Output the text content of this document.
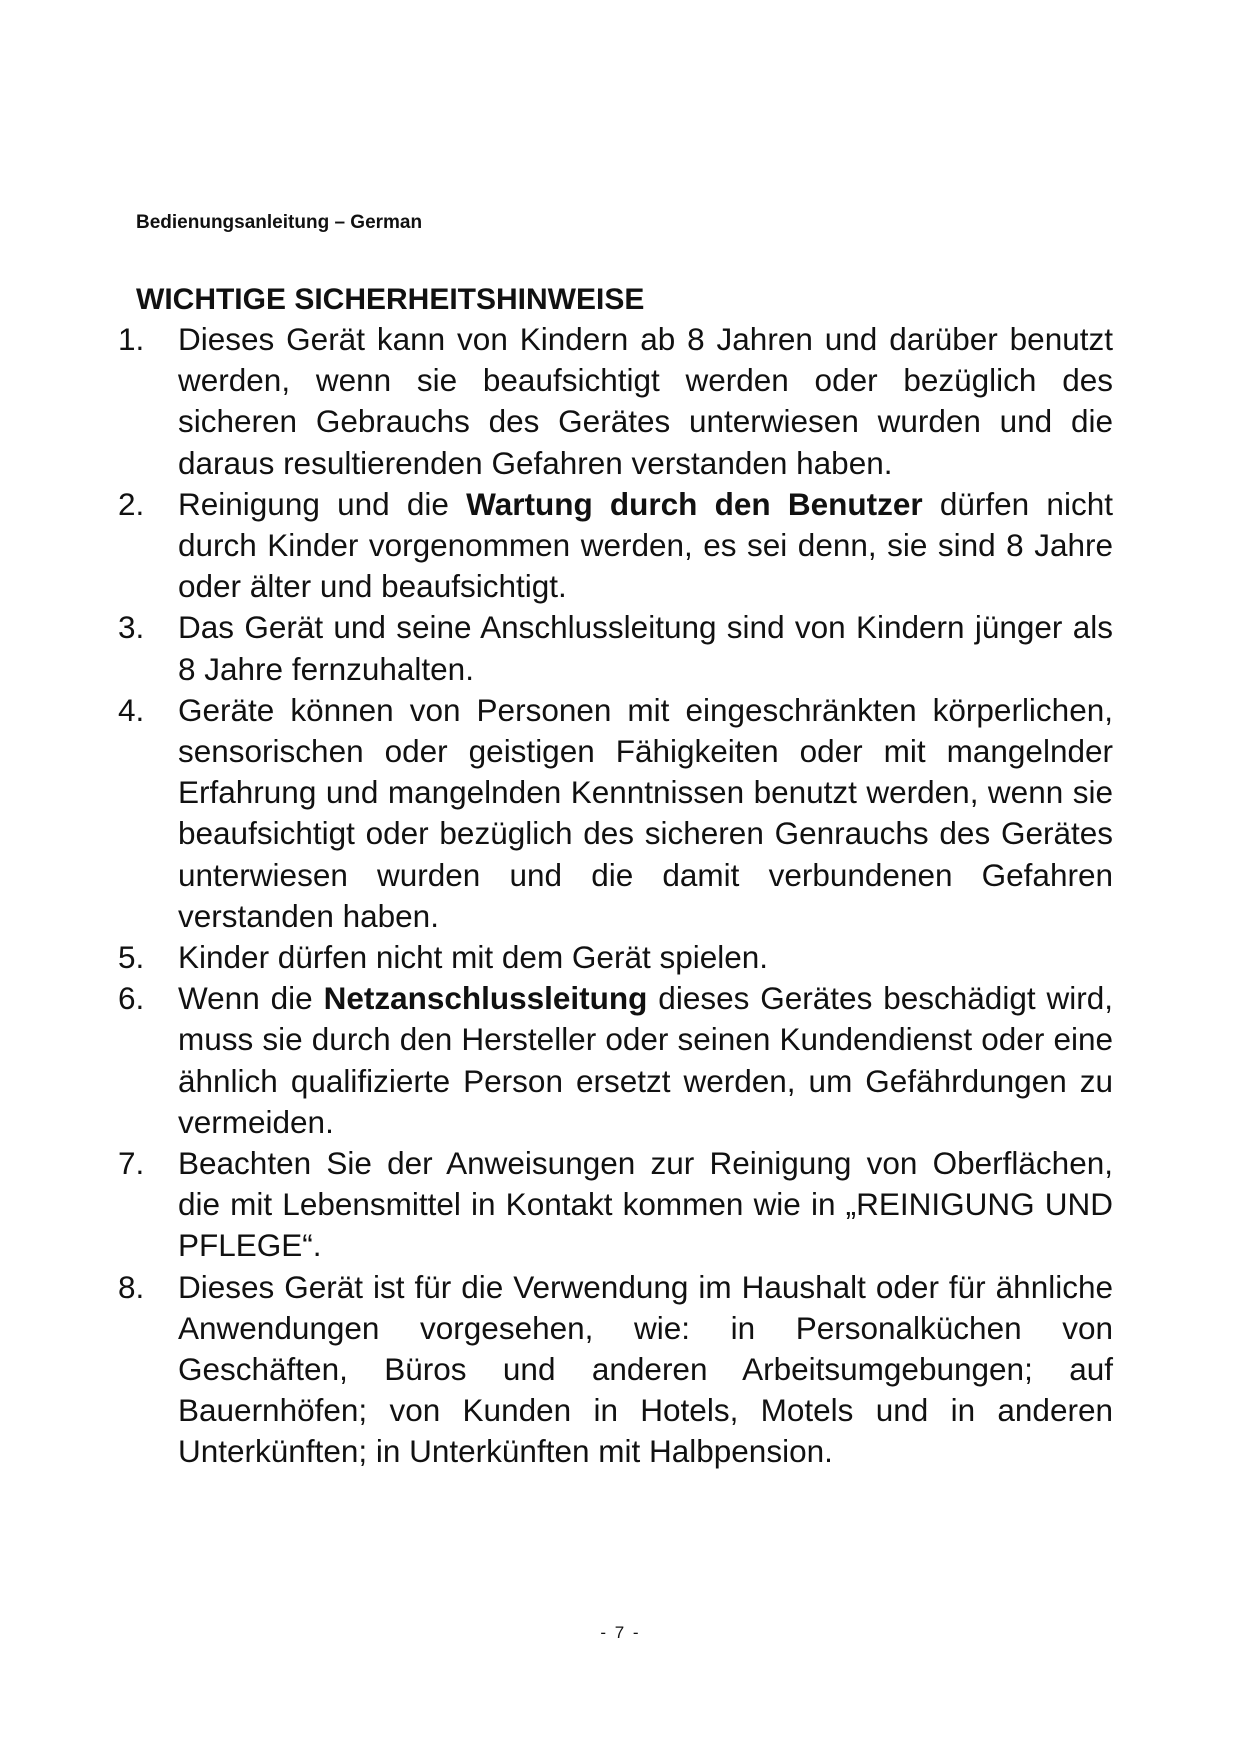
Bedienungsanleitung – German
WICHTIGE SICHERHEITSHINWEISE
1.	Dieses Gerät kann von Kindern ab 8 Jahren und darüber benutzt werden, wenn sie beaufsichtigt werden oder bezüglich des sicheren Gebrauchs des Gerätes unterwiesen wurden und die daraus resultierenden Gefahren verstanden haben.
2.	Reinigung und die Wartung durch den Benutzer dürfen nicht durch Kinder vorgenommen werden, es sei denn, sie sind 8 Jahre oder älter und beaufsichtigt.
3.	Das Gerät und seine Anschlussleitung sind von Kindern jünger als 8 Jahre fernzuhalten.
4.	Geräte können von Personen mit eingeschränkten körperlichen, sensorischen oder geistigen Fähigkeiten oder mit mangelnder Erfahrung und mangelnden Kenntnissen benutzt werden, wenn sie beaufsichtigt oder bezüglich des sicheren Genrauchs des Gerätes unterwiesen wurden und die damit verbundenen Gefahren verstanden haben.
5.	Kinder dürfen nicht mit dem Gerät spielen.
6.	Wenn die Netzanschlussleitung dieses Gerätes beschädigt wird, muss sie durch den Hersteller oder seinen Kundendienst oder eine ähnlich qualifizierte Person ersetzt werden, um Gefährdungen zu vermeiden.
7.	Beachten Sie der Anweisungen zur Reinigung von Oberflächen, die mit Lebensmittel in Kontakt kommen wie in „REINIGUNG UND PFLEGE“.
8.	Dieses Gerät ist für die Verwendung im Haushalt oder für ähnliche Anwendungen vorgesehen, wie: in Personalküchen von Geschäften, Büros und anderen Arbeitsumgebungen; auf Bauernhöfen; von Kunden in Hotels, Motels und in anderen Unterkünften; in Unterkünften mit Halbpension.
- 7 -
